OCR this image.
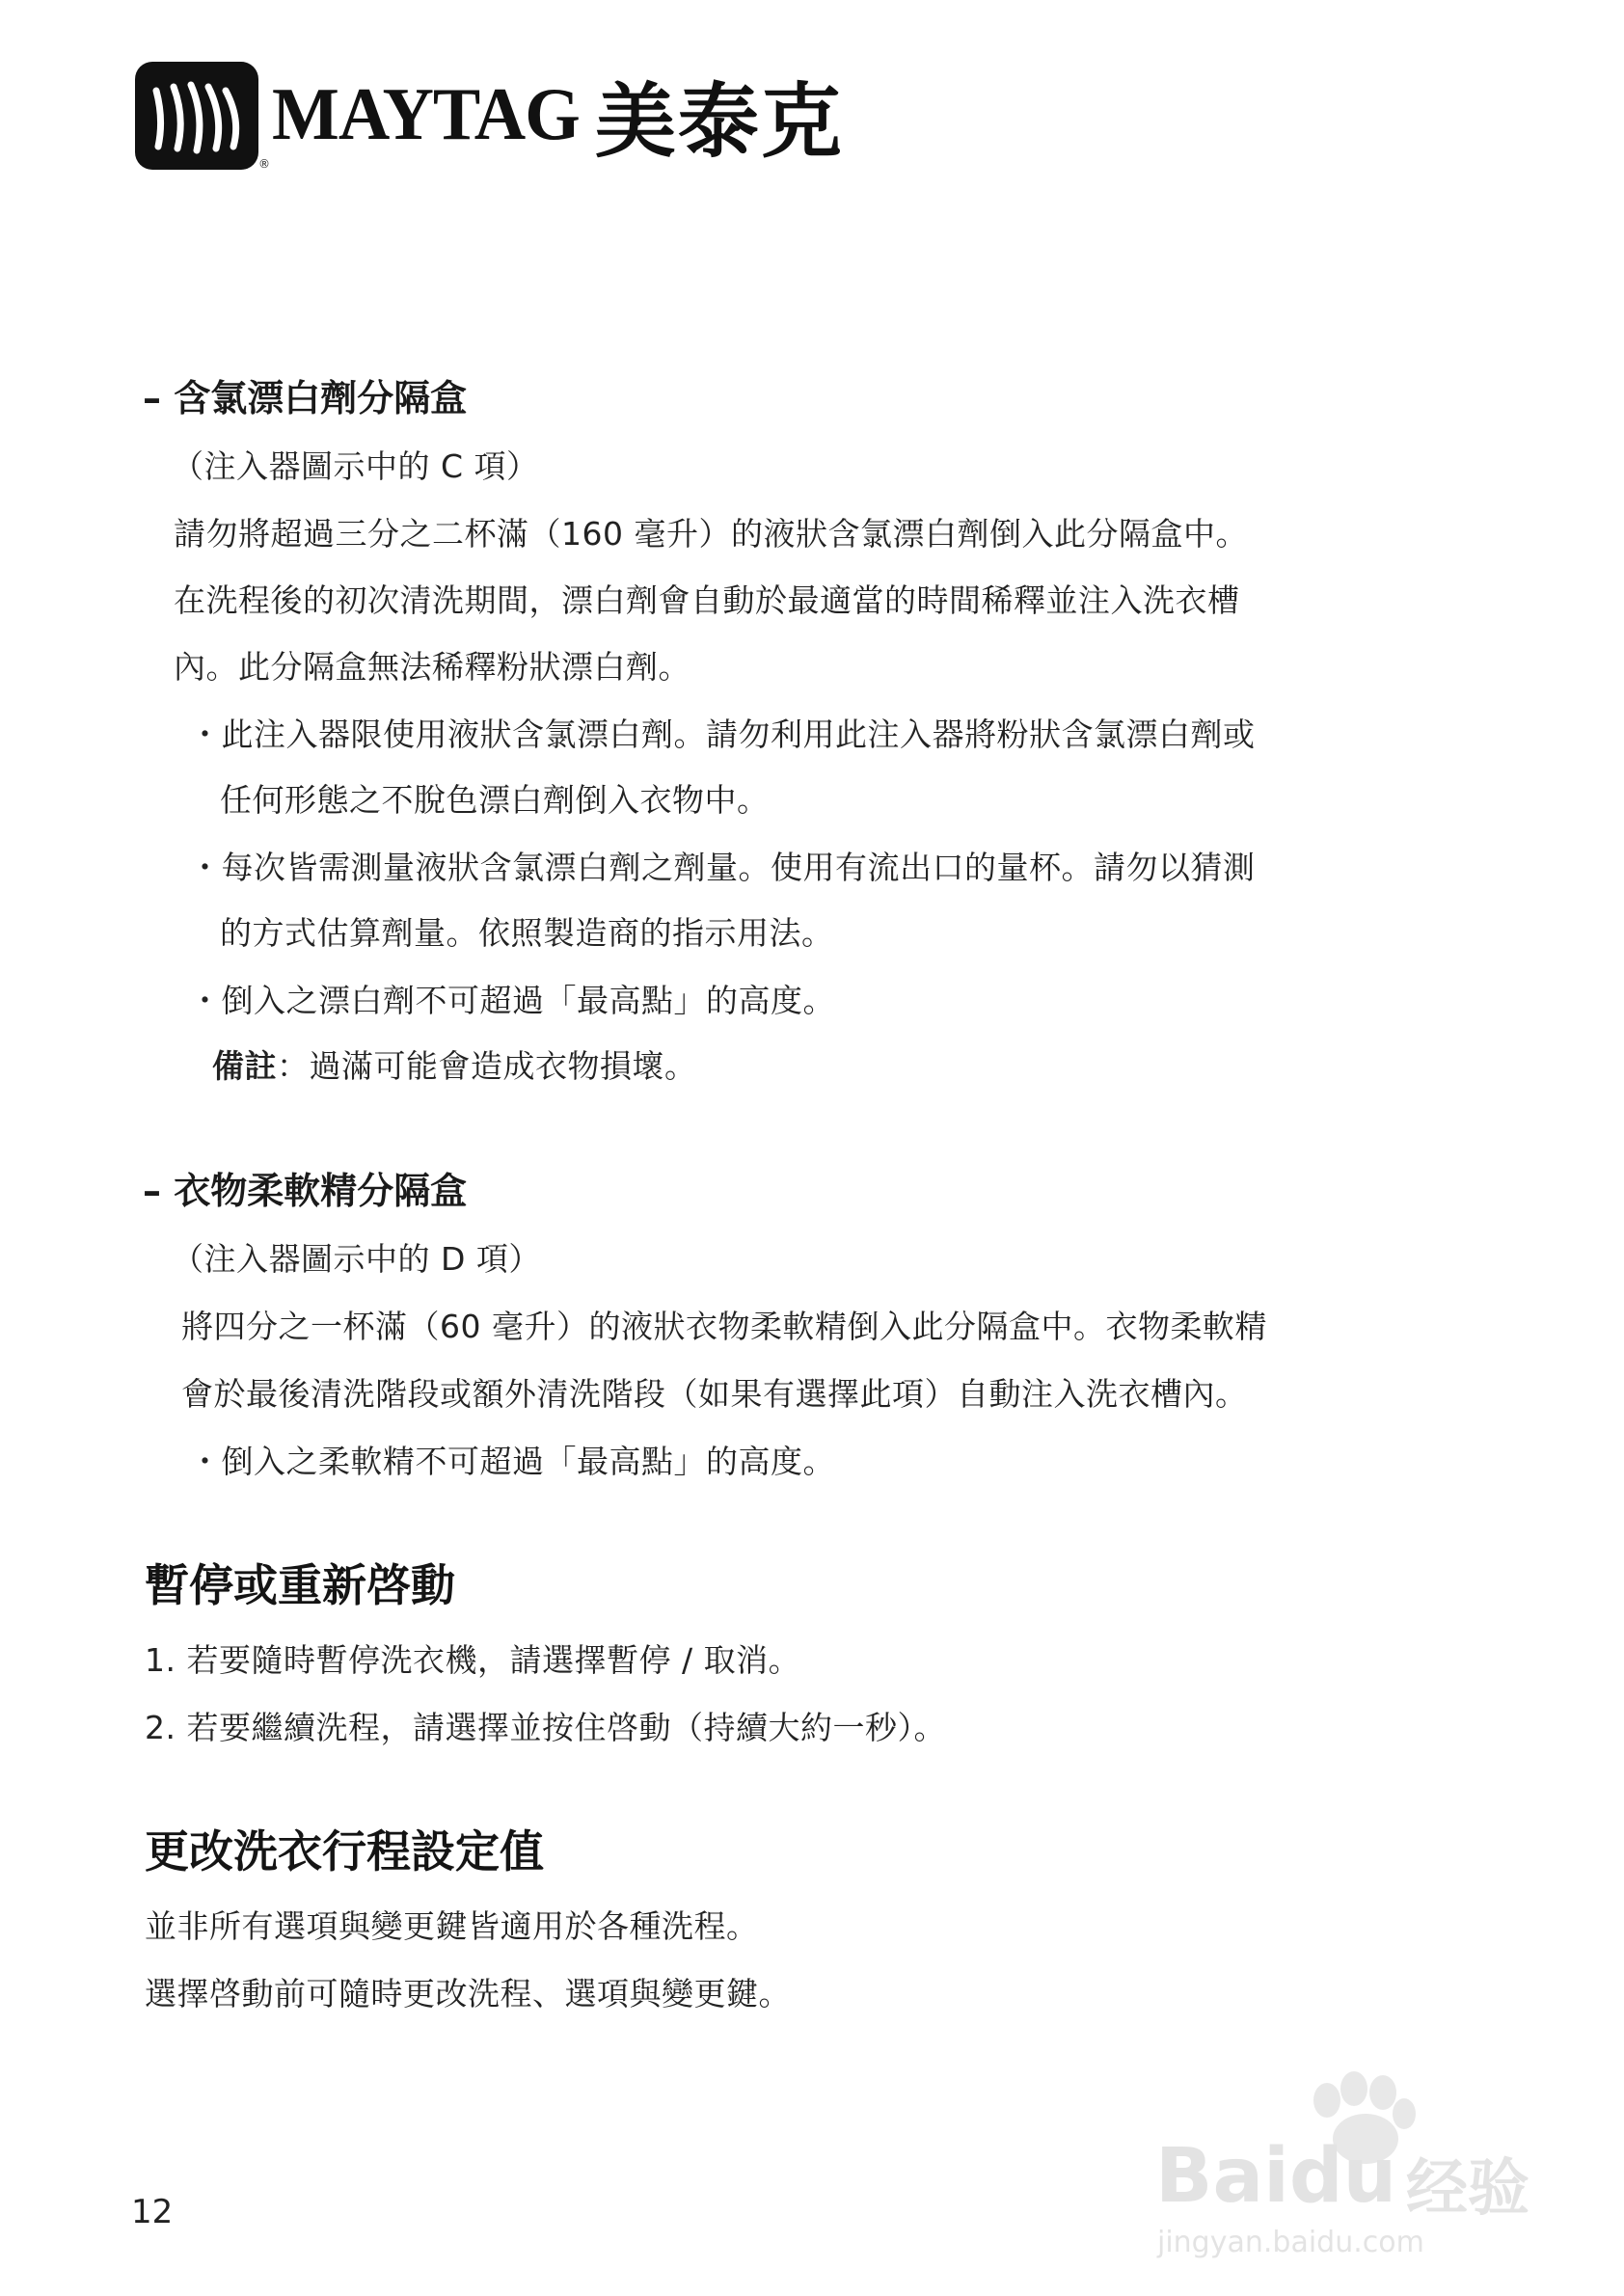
MAYTAG 美泰克
®
– 含氯漂白劑分隔盒
（注入器圖示中的 C 項）
請勿將超過三分之二杯滿（160 毫升）的液狀含氯漂白劑倒入此分隔盒中。
在洗程後的初次清洗期間，漂白劑會自動於最適當的時間稀釋並注入洗衣槽
內。此分隔盒無法稀釋粉狀漂白劑。
・此注入器限使用液狀含氯漂白劑。請勿利用此注入器將粉狀含氯漂白劑或
任何形態之不脫色漂白劑倒入衣物中。
・每次皆需測量液狀含氯漂白劑之劑量。使用有流出口的量杯。請勿以猜測
的方式估算劑量。依照製造商的指示用法。
・倒入之漂白劑不可超過「最高點」的高度。
備註：過滿可能會造成衣物損壞。
– 衣物柔軟精分隔盒
（注入器圖示中的 D 項）
將四分之一杯滿（60 毫升）的液狀衣物柔軟精倒入此分隔盒中。衣物柔軟精
會於最後清洗階段或額外清洗階段（如果有選擇此項）自動注入洗衣槽內。
・倒入之柔軟精不可超過「最高點」的高度。
暫停或重新啓動
1. 若要隨時暫停洗衣機，請選擇暫停 / 取消。
2. 若要繼續洗程，請選擇並按住啓動（持續大約一秒）。
更改洗衣行程設定值
並非所有選項與變更鍵皆適用於各種洗程。
選擇啓動前可隨時更改洗程、選項與變更鍵。
12	Baidu 经验
jingyan.baidu.com
